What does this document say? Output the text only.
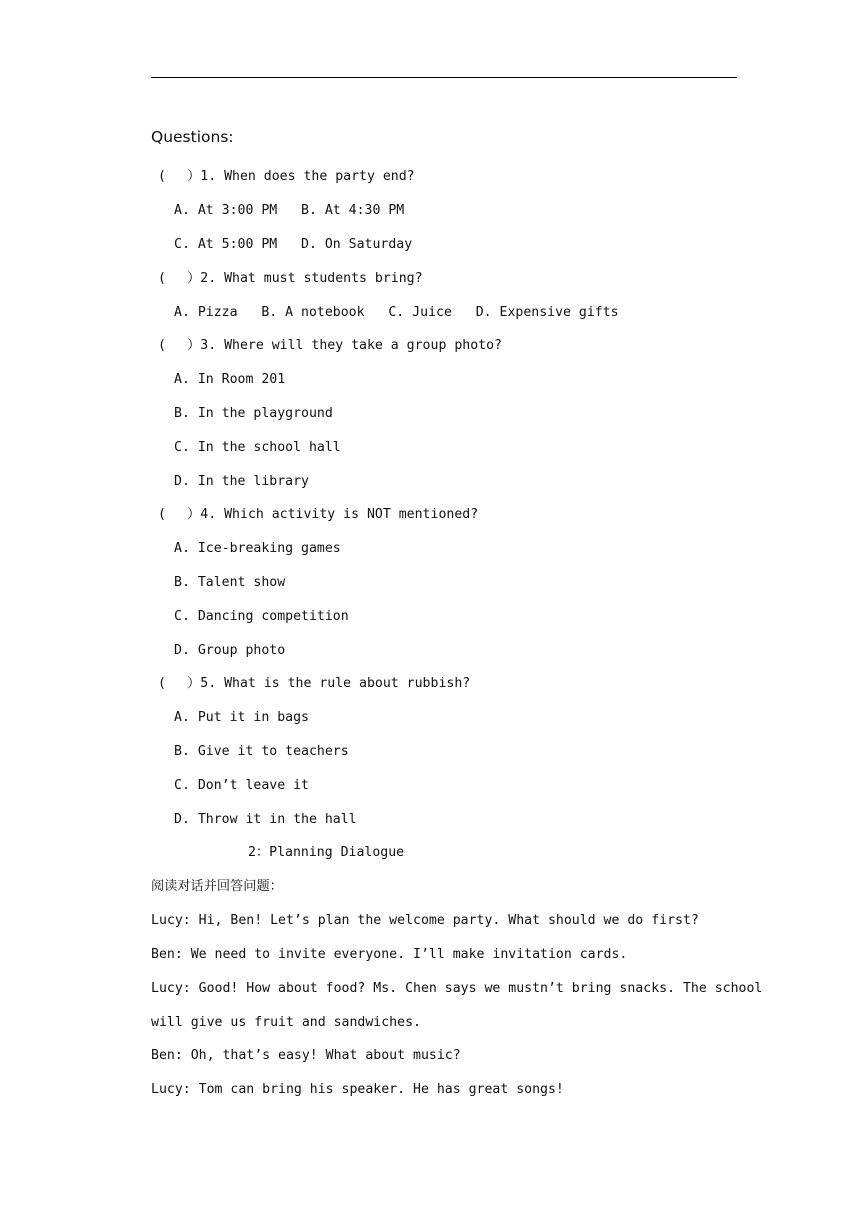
Questions:
(　 ）1. When does the party end?
A. At 3:00 PM   B. At 4:30 PM
C. At 5:00 PM   D. On Saturday
(　 ）2. What must students bring?
A. Pizza   B. A notebook   C. Juice   D. Expensive gifts
(　 ）3. Where will they take a group photo?
A. In Room 201
B. In the playground
C. In the school hall
D. In the library
(　 ）4. Which activity is NOT mentioned?
A. Ice-breaking games
B. Talent show
C. Dancing competition
D. Group photo
(　 ）5. What is the rule about rubbish?
A. Put it in bags
B. Give it to teachers
C. Don’t leave it
D. Throw it in the hall
2：Planning Dialogue
阅读对话并回答问题：
Lucy: Hi, Ben! Let’s plan the welcome party. What should we do first?
Ben: We need to invite everyone. I’ll make invitation cards.
Lucy: Good! How about food? Ms. Chen says we mustn’t bring snacks. The school
will give us fruit and sandwiches.
Ben: Oh, that’s easy! What about music?
Lucy: Tom can bring his speaker. He has great songs!
